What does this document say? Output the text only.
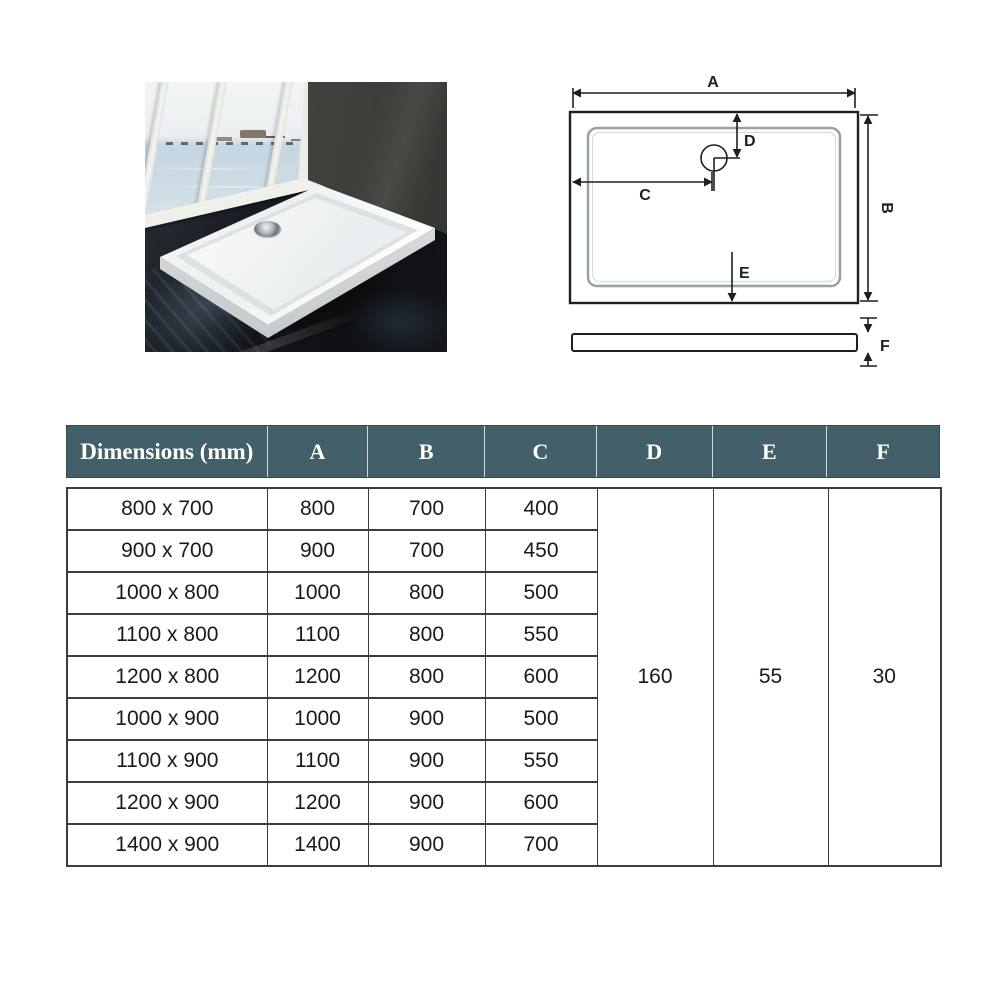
A
B
C
D
E
F
Dimensions (mm)	A	B	C	D	E	F
800 x 700	800	700	400	160	55	30
900 x 700	900	700	450			
1000 x 800	1000	800	500			
1100 x 800	1100	800	550			
1200 x 800	1200	800	600			
1000 x 900	1000	900	500			
1100 x 900	1100	900	550			
1200 x 900	1200	900	600			
1400 x 900	1400	900	700			
